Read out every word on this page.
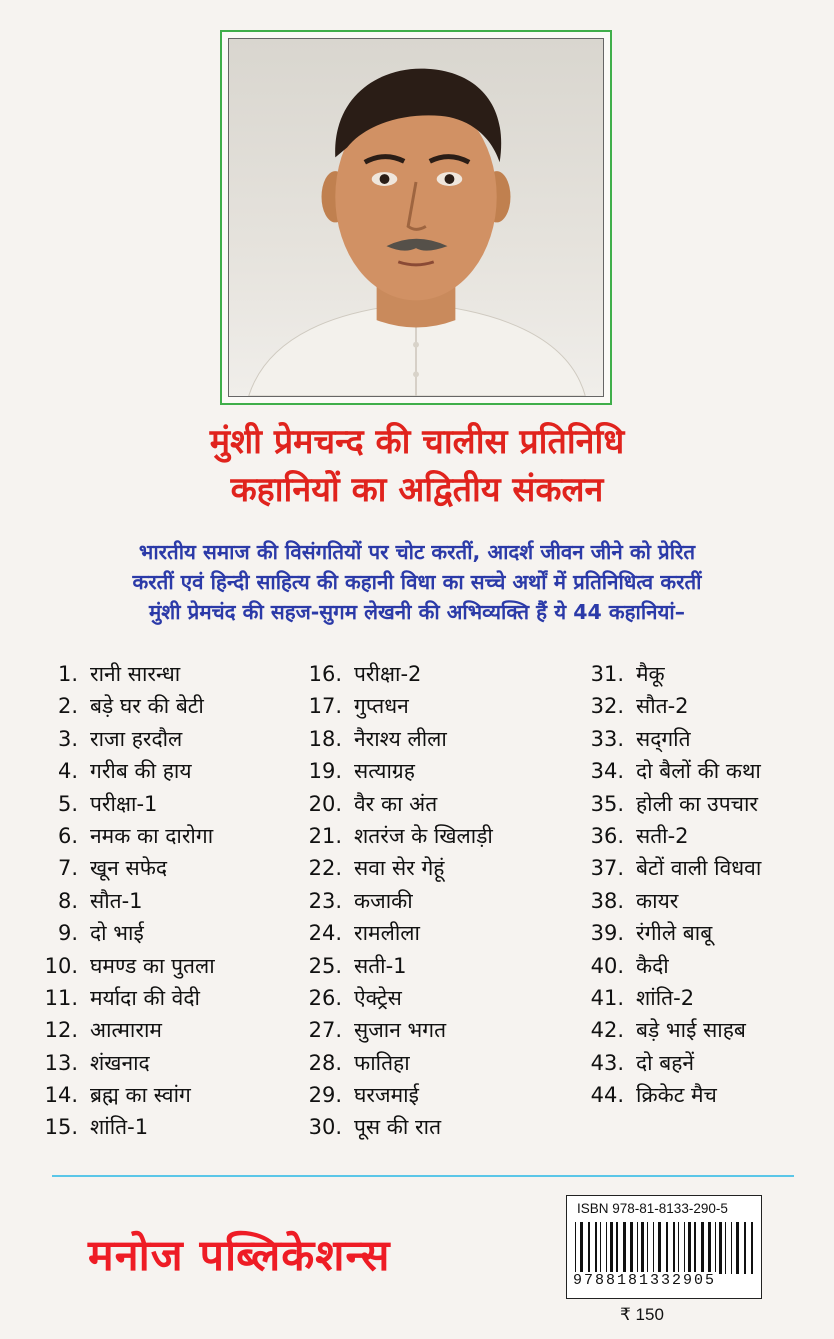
मुंशी प्रेमचन्द की चालीस प्रतिनिधि
कहानियों का अद्वितीय संकलन
भारतीय समाज की विसंगतियों पर चोट करतीं, आदर्श जीवन जीने को प्रेरित
करतीं एवं हिन्दी साहित्य की कहानी विधा का सच्चे अर्थों में प्रतिनिधित्व करतीं
मुंशी प्रेमचंद की सहज-सुगम लेखनी की अभिव्यक्ति हैं ये 44 कहानियां–
1. रानी सारन्धा
2. बड़े घर की बेटी
3. राजा हरदौल
4. गरीब की हाय
5. परीक्षा-1
6. नमक का दारोगा
7. खून सफेद
8. सौत-1
9. दो भाई
10. घमण्ड का पुतला
11. मर्यादा की वेदी
12. आत्माराम
13. शंखनाद
14. ब्रह्म का स्वांग
15. शांति-1
16. परीक्षा-2
17. गुप्तधन
18. नैराश्य लीला
19. सत्याग्रह
20. वैर का अंत
21. शतरंज के खिलाड़ी
22. सवा सेर गेहूं
23. कजाकी
24. रामलीला
25. सती-1
26. ऐक्ट्रेस
27. सुजान भगत
28. फातिहा
29. घरजमाई
30. पूस की रात
31. मैकू
32. सौत-2
33. सद्‌गति
34. दो बैलों की कथा
35. होली का उपचार
36. सती-2
37. बेटों वाली विधवा
38. कायर
39. रंगीले बाबू
40. कैदी
41. शांति-2
42. बड़े भाई साहब
43. दो बहनें
44. क्रिकेट मैच
मनोज पब्लिकेशन्स
ISBN 978-81-8133-290-5
9788181332905
₹ 150
